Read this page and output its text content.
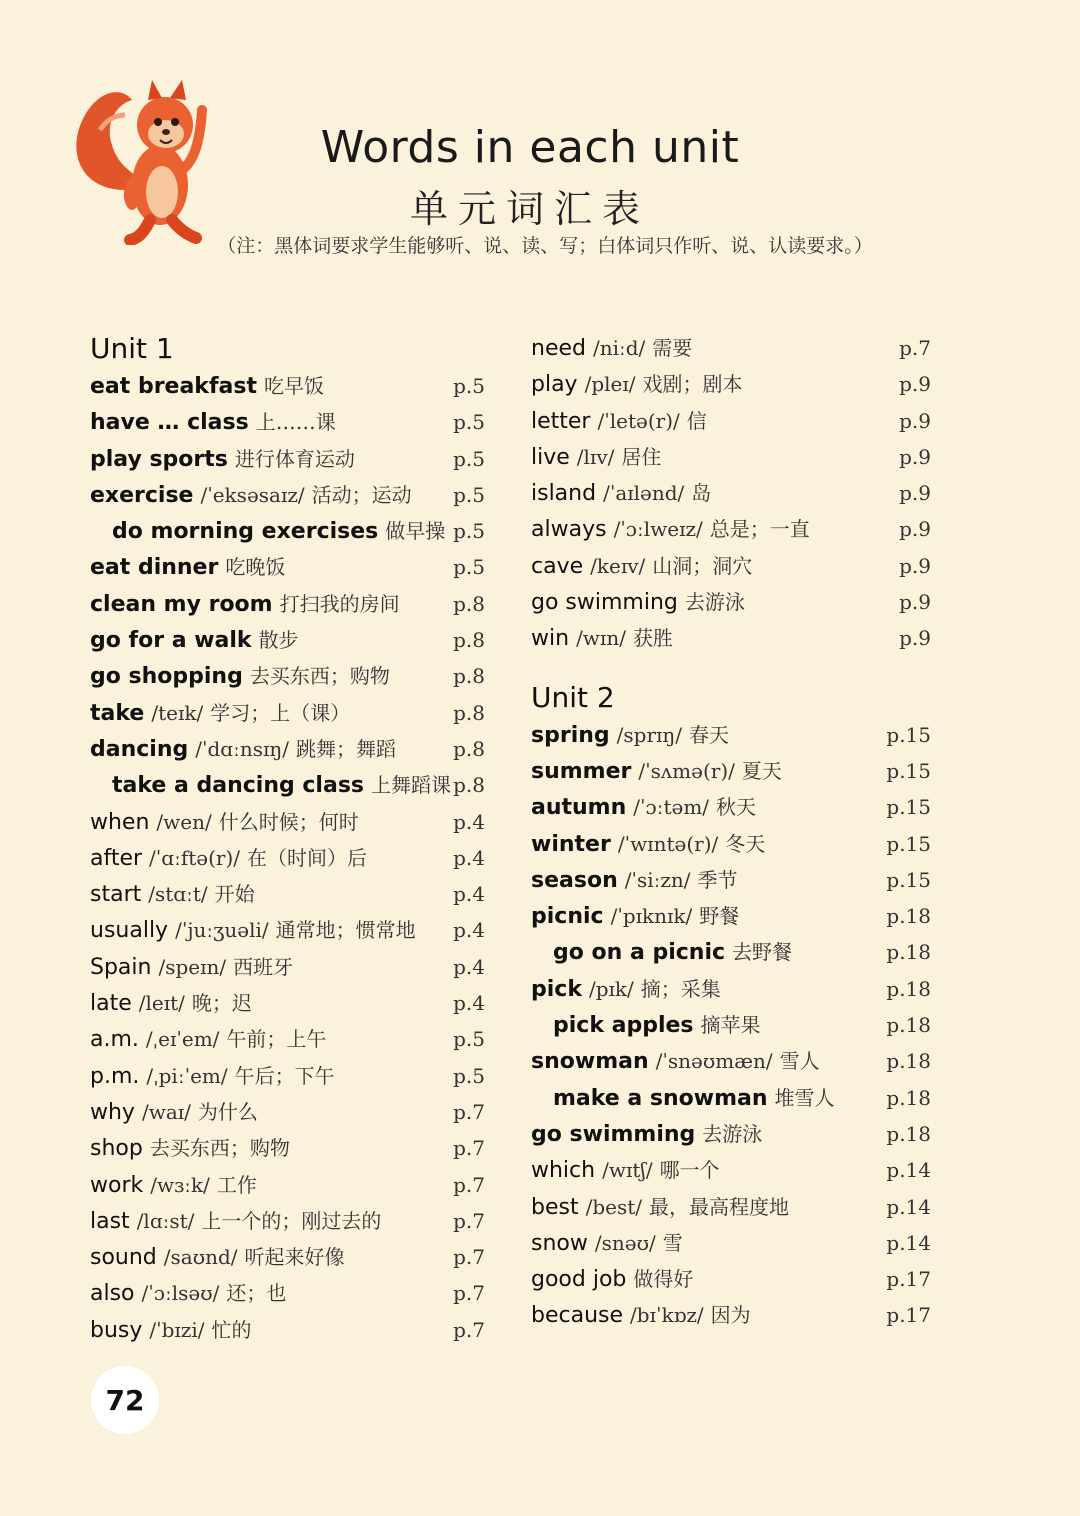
Words in each unit
单元词汇表
（注：黑体词要求学生能够听、说、读、写；白体词只作听、说、认读要求。）
Unit 1
eat breakfast 吃早饭	p.5
have … class 上……课	p.5
play sports 进行体育运动	p.5
exercise /ˈeksəsaɪz/ 活动；运动 p.5
do morning exercises 做早操 p.5
eat dinner 吃晚饭	p.5
clean my room 打扫我的房间	p.8
go for a walk 散步	p.8
go shopping 去买东西；购物	p.8
take /teɪk/ 学习；上（课）	p.8
dancing /ˈdɑːnsɪŋ/ 跳舞；舞蹈	p.8
take a dancing class 上舞蹈课 p.8
when /wen/ 什么时候；何时	p.4
after /ˈɑːftə(r)/ 在（时间）后	p.4
start /stɑːt/ 开始	p.4
usually /ˈjuːʒuəli/ 通常地；惯常地 p.4
Spain /speɪn/ 西班牙	p.4
late /leɪt/ 晚；迟	p.4
a.m. /ˌeɪˈem/ 午前；上午	p.5
p.m. /ˌpiːˈem/ 午后；下午	p.5
why /waɪ/ 为什么	p.7
shop 去买东西；购物	p.7
work /wɜːk/ 工作	p.7
last /lɑːst/ 上一个的；刚过去的	p.7
sound /saʊnd/ 听起来好像	p.7
also /ˈɔːlsəʊ/ 还；也	p.7
busy /ˈbɪzi/ 忙的	p.7
need /niːd/ 需要	p.7
play /pleɪ/ 戏剧；剧本	p.9
letter /ˈletə(r)/ 信	p.9
live /lɪv/ 居住	p.9
island /ˈaɪlənd/ 岛	p.9
always /ˈɔːlweɪz/ 总是；一直	p.9
cave /keɪv/ 山洞；洞穴	p.9
go swimming 去游泳	p.9
win /wɪn/ 获胜	p.9
Unit 2
spring /sprɪŋ/ 春天	p.15
summer /ˈsʌmə(r)/ 夏天	p.15
autumn /ˈɔːtəm/ 秋天	p.15
winter /ˈwɪntə(r)/ 冬天	p.15
season /ˈsiːzn/ 季节	p.15
picnic /ˈpɪknɪk/ 野餐	p.18
go on a picnic 去野餐	p.18
pick /pɪk/ 摘；采集	p.18
pick apples 摘苹果	p.18
snowman /ˈsnəʊmæn/ 雪人	p.18
make a snowman 堆雪人	p.18
go swimming 去游泳	p.18
which /wɪtʃ/ 哪一个	p.14
best /best/ 最，最高程度地	p.14
snow /snəʊ/ 雪	p.14
good job 做得好	p.17
because /bɪˈkɒz/ 因为	p.17
72
